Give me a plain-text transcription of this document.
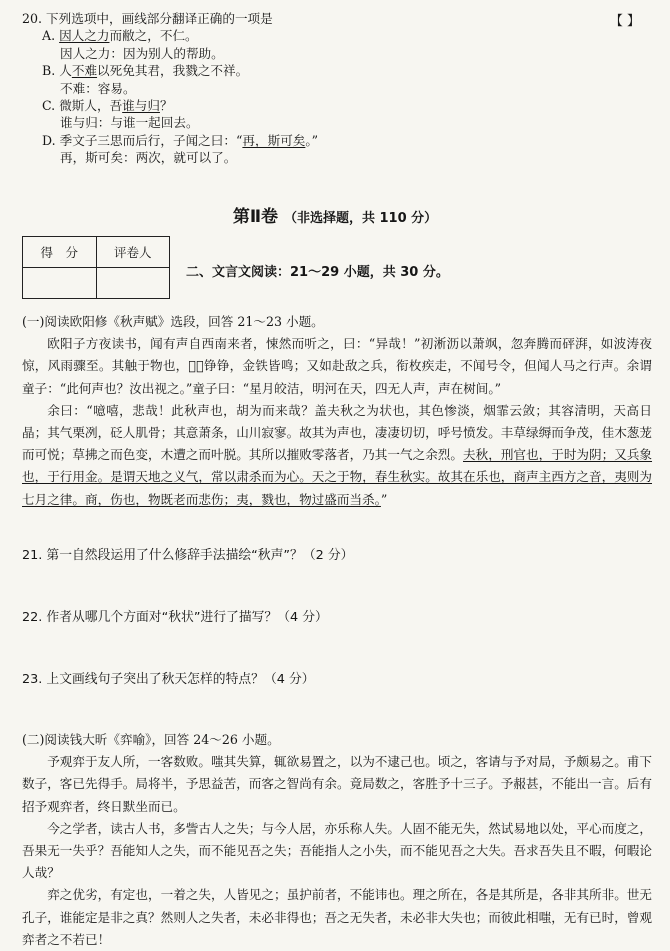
20. 下列选项中，画线部分翻译正确的一项是
A. 因人之力而敝之，不仁。
因人之力：因为别人的帮助。
B. 人不难以死免其君，我戮之不祥。
不难：容易。
C. 微斯人，吾谁与归？
谁与归：与谁一起回去。
D. 季文子三思而后行，子闻之曰：“再，斯可矣。”
再，斯可矣：两次，就可以了。
【 】
第Ⅱ卷 （非选择题，共 110 分）
得　分	评卷人

二、文言文阅读：21～29 小题，共 30 分。

(一)阅读欧阳修《秋声赋》选段，回答 21～23 小题。

欧阳子方夜读书，闻有声自西南来者，悚然而听之，曰：“异哉！”初淅沥以萧飒，忽奔腾而砰湃，如波涛夜惊，风雨骤至。其触于物也，𦏁𦏁铮铮，金铁皆鸣；又如赴敌之兵，衔枚疾走，不闻号令，但闻人马之行声。余谓童子：“此何声也？汝出视之。”童子曰：“星月皎洁，明河在天，四无人声，声在树间。”

余曰：“噫嘻，悲哉！此秋声也，胡为而来哉？盖夫秋之为状也，其色惨淡，烟霏云敛；其容清明，天高日晶；其气栗冽，砭人肌骨；其意萧条，山川寂寥。故其为声也，凄凄切切，呼号愤发。丰草绿缛而争茂，佳木葱茏而可悦；草拂之而色变，木遭之而叶脱。其所以摧败零落者，乃其一气之余烈。夫秋，刑官也，于时为阴；又兵象也，于行用金。是谓天地之义气，常以肃杀而为心。天之于物，春生秋实。故其在乐也，商声主西方之音，夷则为七月之律。商，伤也，物既老而悲伤；夷，戮也，物过盛而当杀。”

21. 第一自然段运用了什么修辞手法描绘“秋声”？（2 分）
22. 作者从哪几个方面对“秋状”进行了描写？（4 分）
23. 上文画线句子突出了秋天怎样的特点？（4 分）

(二)阅读钱大昕《弈喻》，回答 24～26 小题。

予观弈于友人所，一客数败。嗤其失算，辄欲易置之，以为不逮己也。顷之，客请与予对局，予颇易之。甫下数子，客已先得手。局将半，予思益苦，而客之智尚有余。竟局数之，客胜予十三子。予赧甚，不能出一言。后有招予观弈者，终日默坐而已。

今之学者，读古人书，多訾古人之失；与今人居，亦乐称人失。人固不能无失，然试易地以处，平心而度之，吾果无一失乎？吾能知人之失，而不能见吾之失；吾能指人之小失，而不能见吾之大失。吾求吾失且不暇，何暇论人哉？

弈之优劣，有定也，一着之失，人皆见之；虽护前者，不能讳也。理之所在，各是其所是，各非其所非。世无孔子，谁能定是非之真？然则人之失者，未必非得也；吾之无失者，未必非大失也；而彼此相嗤，无有已时，曾观弈者之不若已！
